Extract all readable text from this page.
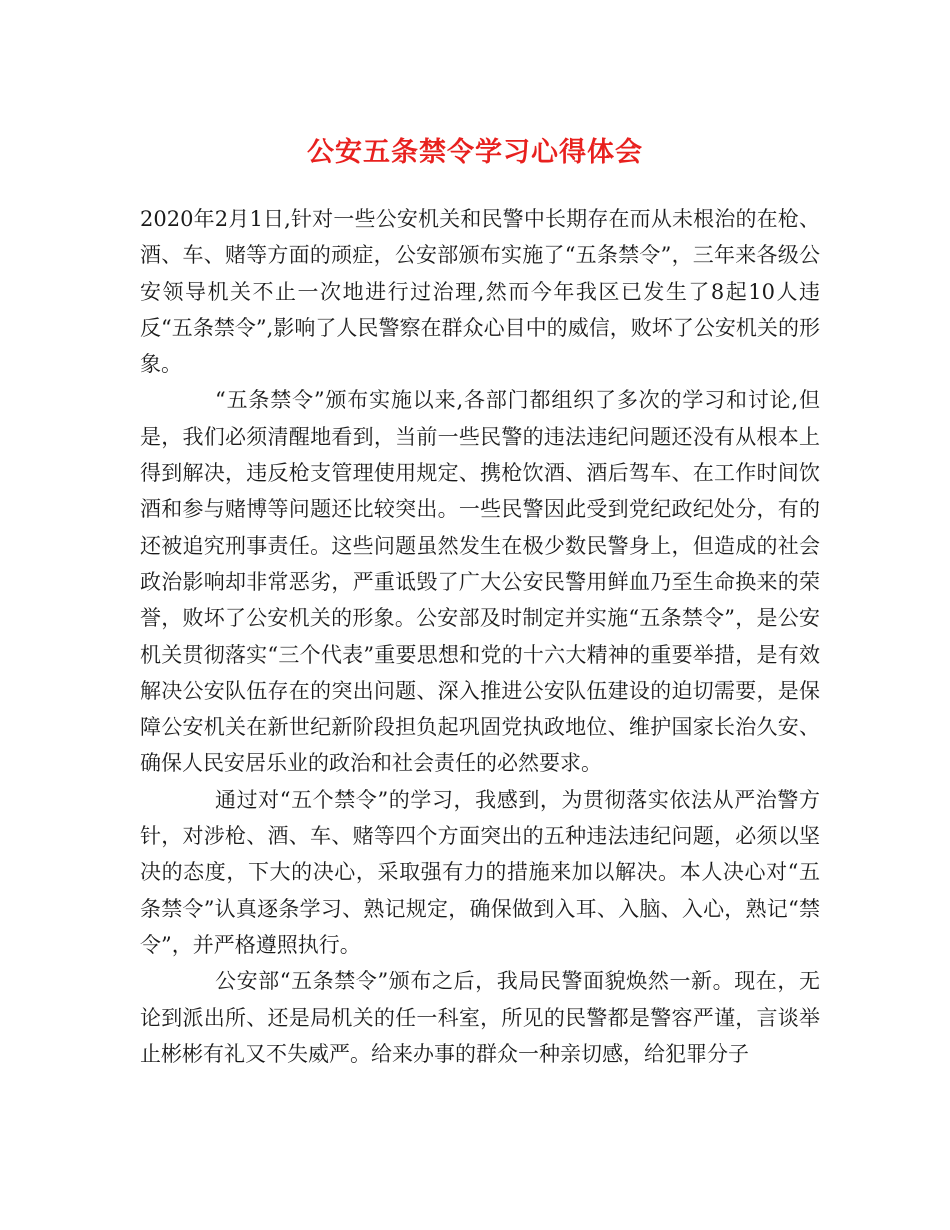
公安五条禁令学习心得体会

2020年2月1日,针对一些公安机关和民警中长期存在而从未根治的在枪、酒、车、赌等方面的顽症，公安部颁布实施了“五条禁令”，三年来各级公安领导机关不止一次地进行过治理,然而今年我区已发生了8起10人违反“五条禁令”,影响了人民警察在群众心目中的威信，败坏了公安机关的形象。

“五条禁令”颁布实施以来,各部门都组织了多次的学习和讨论,但是，我们必须清醒地看到，当前一些民警的违法违纪问题还没有从根本上得到解决，违反枪支管理使用规定、携枪饮酒、酒后驾车、在工作时间饮酒和参与赌博等问题还比较突出。一些民警因此受到党纪政纪处分，有的还被追究刑事责任。这些问题虽然发生在极少数民警身上，但造成的社会政治影响却非常恶劣，严重诋毁了广大公安民警用鲜血乃至生命换来的荣誉，败坏了公安机关的形象。公安部及时制定并实施“五条禁令”，是公安机关贯彻落实“三个代表”重要思想和党的十六大精神的重要举措，是有效解决公安队伍存在的突出问题、深入推进公安队伍建设的迫切需要，是保障公安机关在新世纪新阶段担负起巩固党执政地位、维护国家长治久安、确保人民安居乐业的政治和社会责任的必然要求。

通过对“五个禁令”的学习，我感到，为贯彻落实依法从严治警方针，对涉枪、酒、车、赌等四个方面突出的五种违法违纪问题，必须以坚决的态度，下大的决心，采取强有力的措施来加以解决。本人决心对“五条禁令”认真逐条学习、熟记规定，确保做到入耳、入脑、入心，熟记“禁令”，并严格遵照执行。

公安部“五条禁令”颁布之后，我局民警面貌焕然一新。现在，无论到派出所、还是局机关的任一科室，所见的民警都是警容严谨，言谈举止彬彬有礼又不失威严。给来办事的群众一种亲切感，给犯罪分子
